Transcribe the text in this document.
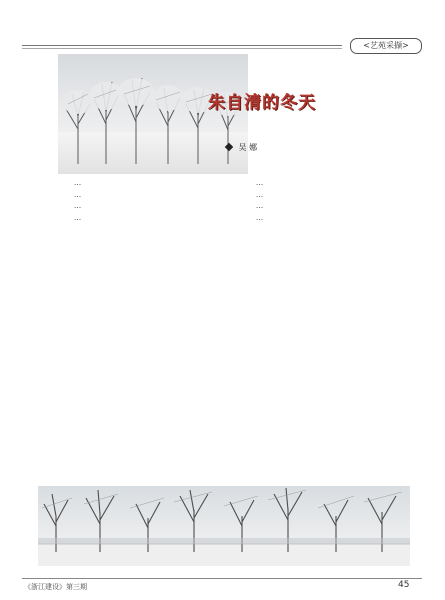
<艺苑采撷>
朱自清的冬天
吴 娜

...

...

...

...

...

...

...

...

《浙江建设》第三期	45
